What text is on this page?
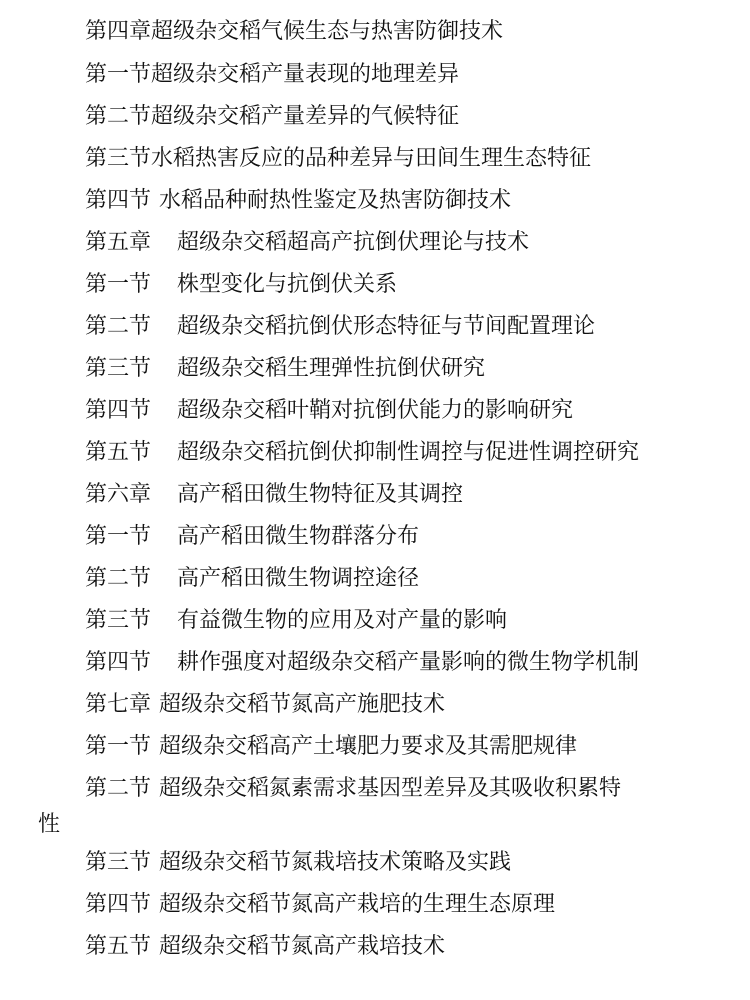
第四章超级杂交稻气候生态与热害防御技术
第一节超级杂交稻产量表现的地理差异
第二节超级杂交稻产量差异的气候特征
第三节水稻热害反应的品种差异与田间生理生态特征
第四节 水稻品种耐热性鉴定及热害防御技术
第五章 超级杂交稻超高产抗倒伏理论与技术
第一节 株型变化与抗倒伏关系
第二节 超级杂交稻抗倒伏形态特征与节间配置理论
第三节 超级杂交稻生理弹性抗倒伏研究
第四节 超级杂交稻叶鞘对抗倒伏能力的影响研究
第五节 超级杂交稻抗倒伏抑制性调控与促进性调控研究
第六章 高产稻田微生物特征及其调控
第一节 高产稻田微生物群落分布
第二节 高产稻田微生物调控途径
第三节 有益微生物的应用及对产量的影响
第四节 耕作强度对超级杂交稻产量影响的微生物学机制
第七章 超级杂交稻节氮高产施肥技术
第一节 超级杂交稻高产土壤肥力要求及其需肥规律
第二节 超级杂交稻氮素需求基因型差异及其吸收积累特
性
第三节 超级杂交稻节氮栽培技术策略及实践
第四节 超级杂交稻节氮高产栽培的生理生态原理
第五节 超级杂交稻节氮高产栽培技术
